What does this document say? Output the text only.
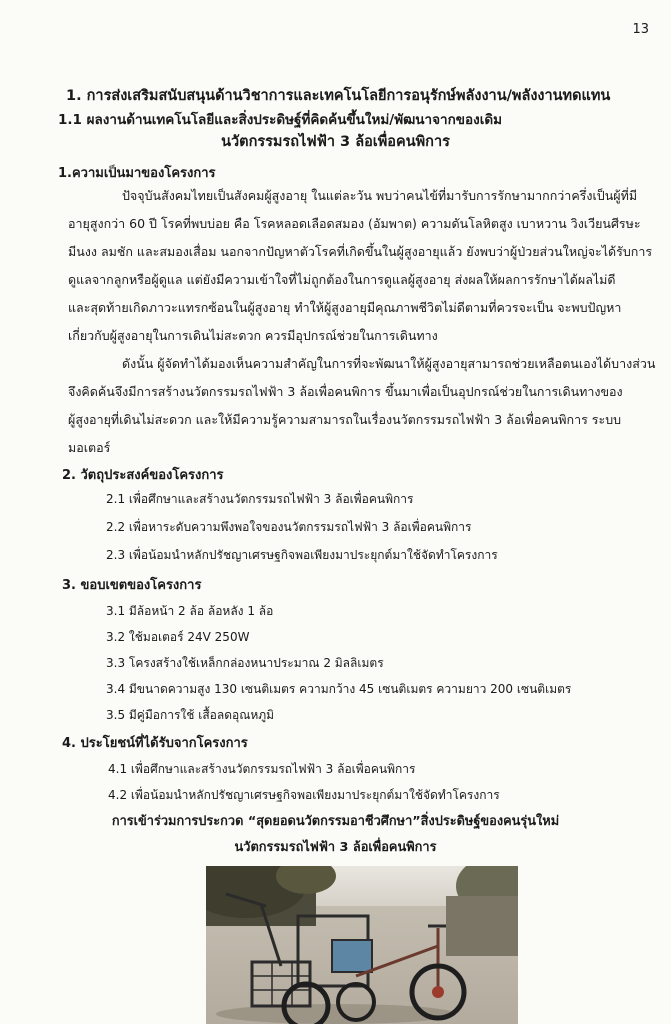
13
1. การส่งเสริมสนับสนุนด้านวิชาการและเทคโนโลยีการอนุรักษ์พลังงาน/พลังงานทดแทน
1.1 ผลงานด้านเทคโนโลยีและสิ่งประดิษฐ์ที่คิดค้นขึ้นใหม่/พัฒนาจากของเดิม
นวัตกรรมรถไฟฟ้า 3 ล้อเพื่อคนพิการ
1.ความเป็นมาของโครงการ
ปัจจุบันสังคมไทยเป็นสังคมผู้สูงอายุ ในแต่ละวัน พบว่าคนไข้ที่มารับการรักษามากกว่าครึ่งเป็นผู้ที่มี
อายุสูงกว่า 60 ปี โรคที่พบบ่อย คือ โรคหลอดเลือดสมอง (อัมพาต) ความดันโลหิตสูง เบาหวาน วิงเวียนศีรษะ
มีนงง ลมชัก และสมองเสื่อม นอกจากปัญหาตัวโรคที่เกิดขึ้นในผู้สูงอายุแล้ว ยังพบว่าผู้ป่วยส่วนใหญ่จะได้รับการ
ดูแลจากลูกหรือผู้ดูแล แต่ยังมีความเข้าใจที่ไม่ถูกต้องในการดูแลผู้สูงอายุ ส่งผลให้ผลการรักษาได้ผลไม่ดี
และสุดท้ายเกิดภาวะแทรกซ้อนในผู้สูงอายุ ทำให้ผู้สูงอายุมีคุณภาพชีวิตไม่ดีตามที่ควรจะเป็น จะพบปัญหา
เกี่ยวกับผู้สูงอายุในการเดินไม่สะดวก ควรมีอุปกรณ์ช่วยในการเดินทาง
ดังนั้น ผู้จัดทำได้มองเห็นความสำคัญในการที่จะพัฒนาให้ผู้สูงอายุสามารถช่วยเหลือตนเองได้บางส่วน
จึงคิดค้นจึงมีการสร้างนวัตกรรมรถไฟฟ้า 3 ล้อเพื่อคนพิการ ขึ้นมาเพื่อเป็นอุปกรณ์ช่วยในการเดินทางของ
ผู้สูงอายุที่เดินไม่สะดวก และให้มีความรู้ความสามารถในเรื่องนวัตกรรมรถไฟฟ้า 3 ล้อเพื่อคนพิการ ระบบ
มอเตอร์
2. วัตถุประสงค์ของโครงการ
2.1 เพื่อศึกษาและสร้างนวัตกรรมรถไฟฟ้า 3 ล้อเพื่อคนพิการ
2.2 เพื่อหาระดับความพึงพอใจของนวัตกรรมรถไฟฟ้า 3 ล้อเพื่อคนพิการ
2.3 เพื่อน้อมนำหลักปรัชญาเศรษฐกิจพอเพียงมาประยุกต์มาใช้จัดทำโครงการ
3. ขอบเขตของโครงการ
3.1 มีล้อหน้า 2 ล้อ ล้อหลัง 1 ล้อ
3.2 ใช้มอเตอร์ 24V 250W
3.3 โครงสร้างใช้เหล็กกล่องหนาประมาณ 2 มิลลิเมตร
3.4 มีขนาดความสูง 130 เซนติเมตร ความกว้าง 45 เซนติเมตร ความยาว 200 เซนติเมตร
3.5 มีคู่มือการใช้ เสื้อลดอุณหภูมิ
4. ประโยชน์ที่ได้รับจากโครงการ
4.1 เพื่อศึกษาและสร้างนวัตกรรมรถไฟฟ้า 3 ล้อเพื่อคนพิการ
4.2 เพื่อน้อมนำหลักปรัชญาเศรษฐกิจพอเพียงมาประยุกต์มาใช้จัดทำโครงการ
การเข้าร่วมการประกวด “สุดยอดนวัตกรรมอาชีวศึกษา”สิ่งประดิษฐ์ของคนรุ่นใหม่
นวัตกรรมรถไฟฟ้า 3 ล้อเพื่อคนพิการ
